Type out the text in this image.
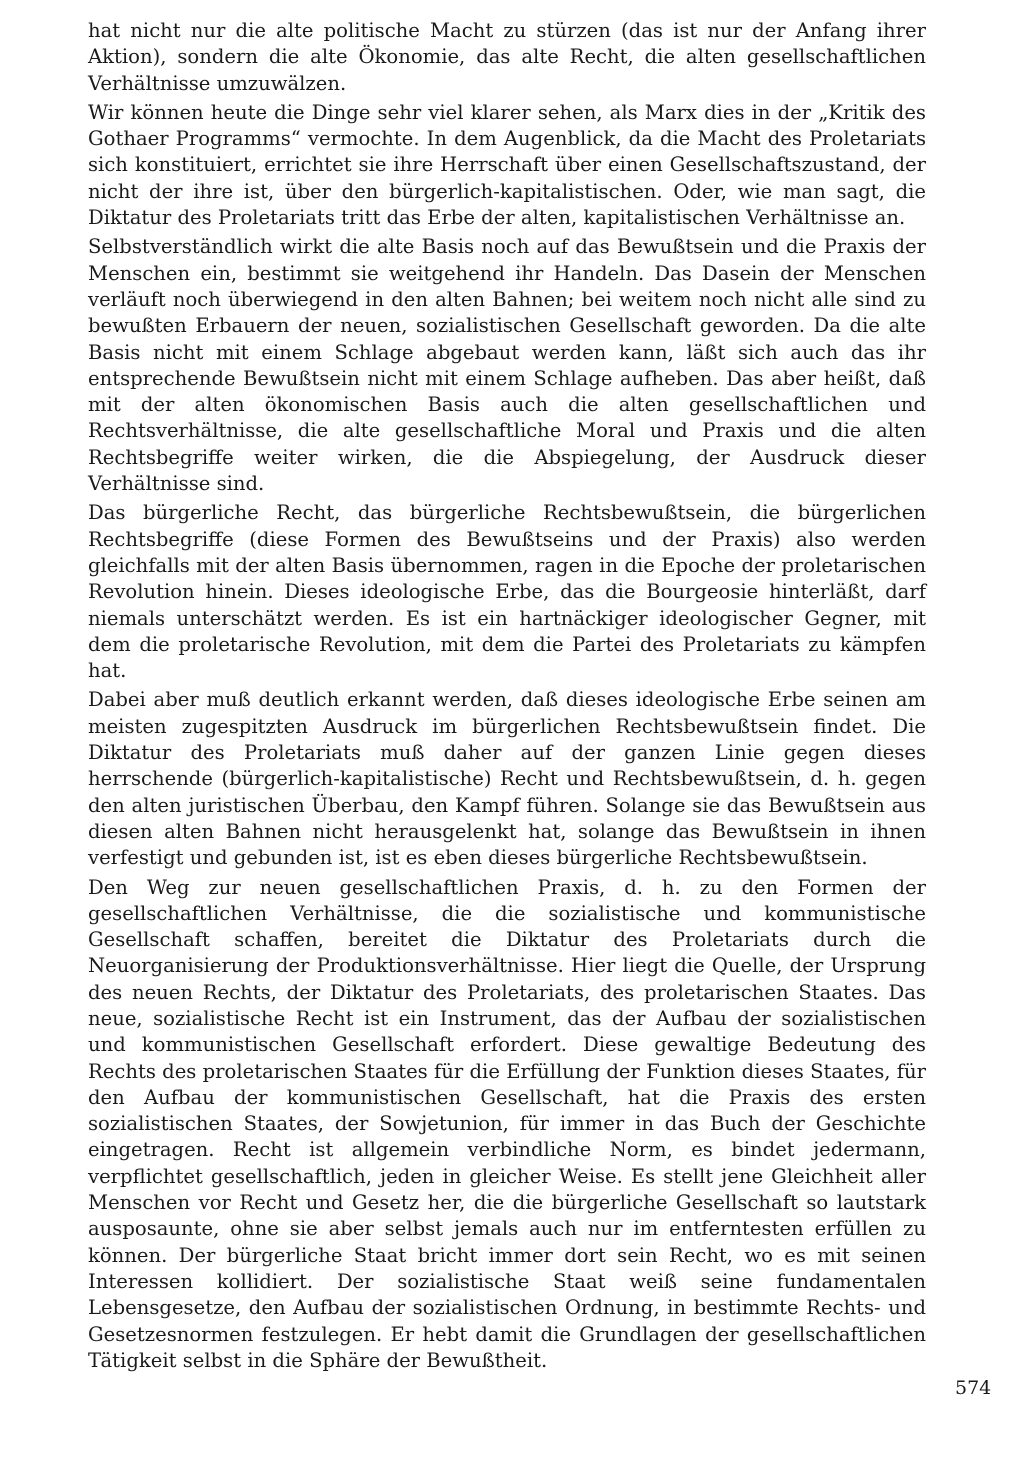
hat nicht nur die alte politische Macht zu stürzen (das ist nur der Anfang ihrer Aktion), sondern die alte Ökonomie, das alte Recht, die alten gesellschaftlichen Verhältnisse umzuwälzen.

Wir können heute die Dinge sehr viel klarer sehen, als Marx dies in der „Kritik des Gothaer Programms“ vermochte. In dem Augenblick, da die Macht des Proletariats sich konstituiert, errichtet sie ihre Herrschaft über einen Gesellschaftszustand, der nicht der ihre ist, über den bürgerlich-kapitalistischen. Oder, wie man sagt, die Diktatur des Proletariats tritt das Erbe der alten, kapitalistischen Verhältnisse an.

Selbstverständlich wirkt die alte Basis noch auf das Bewußtsein und die Praxis der Menschen ein, bestimmt sie weitgehend ihr Handeln. Das Dasein der Menschen verläuft noch überwiegend in den alten Bahnen; bei weitem noch nicht alle sind zu bewußten Erbauern der neuen, sozialistischen Gesellschaft geworden. Da die alte Basis nicht mit einem Schlage abgebaut werden kann, läßt sich auch das ihr entsprechende Bewußtsein nicht mit einem Schlage aufheben. Das aber heißt, daß mit der alten ökonomischen Basis auch die alten gesellschaftlichen und Rechtsverhältnisse, die alte gesellschaftliche Moral und Praxis und die alten Rechtsbegriffe weiter wirken, die die Abspiegelung, der Ausdruck dieser Verhältnisse sind.

Das bürgerliche Recht, das bürgerliche Rechtsbewußtsein, die bürgerlichen Rechtsbegriffe (diese Formen des Bewußtseins und der Praxis) also werden gleichfalls mit der alten Basis übernommen, ragen in die Epoche der proletarischen Revolution hinein. Dieses ideologische Erbe, das die Bourgeosie hinterläßt, darf niemals unterschätzt werden. Es ist ein hartnäckiger ideologischer Gegner, mit dem die proletarische Revolution, mit dem die Partei des Proletariats zu kämpfen hat.

Dabei aber muß deutlich erkannt werden, daß dieses ideologische Erbe seinen am meisten zugespitzten Ausdruck im bürgerlichen Rechtsbewußtsein findet. Die Diktatur des Proletariats muß daher auf der ganzen Linie gegen dieses herrschende (bürgerlich-kapitalistische) Recht und Rechtsbewußtsein, d. h. gegen den alten juristischen Überbau, den Kampf führen. Solange sie das Bewußtsein aus diesen alten Bahnen nicht herausgelenkt hat, solange das Bewußtsein in ihnen verfestigt und gebunden ist, ist es eben dieses bürgerliche Rechtsbewußtsein.

Den Weg zur neuen gesellschaftlichen Praxis, d. h. zu den Formen der gesellschaftlichen Verhältnisse, die die sozialistische und kommunistische Gesellschaft schaffen, bereitet die Diktatur des Proletariats durch die Neuorganisierung der Produktionsverhältnisse. Hier liegt die Quelle, der Ursprung des neuen Rechts, der Diktatur des Proletariats, des proletarischen Staates. Das neue, sozialistische Recht ist ein Instrument, das der Aufbau der sozialistischen und kommunistischen Gesellschaft erfordert. Diese gewaltige Bedeutung des Rechts des proletarischen Staates für die Erfüllung der Funktion dieses Staates, für den Aufbau der kommunistischen Gesellschaft, hat die Praxis des ersten sozialistischen Staates, der Sowjetunion, für immer in das Buch der Geschichte eingetragen. Recht ist allgemein verbindliche Norm, es bindet jedermann, verpflichtet gesellschaftlich, jeden in gleicher Weise. Es stellt jene Gleichheit aller Menschen vor Recht und Gesetz her, die die bürgerliche Gesellschaft so lautstark ausposaunte, ohne sie aber selbst jemals auch nur im entferntesten erfüllen zu können. Der bürgerliche Staat bricht immer dort sein Recht, wo es mit seinen Interessen kollidiert. Der sozialistische Staat weiß seine fundamentalen Lebensgesetze, den Aufbau der sozialistischen Ordnung, in bestimmte Rechts- und Gesetzesnormen festzulegen. Er hebt damit die Grundlagen der gesellschaftlichen Tätigkeit selbst in die Sphäre der Bewußtheit.

574
